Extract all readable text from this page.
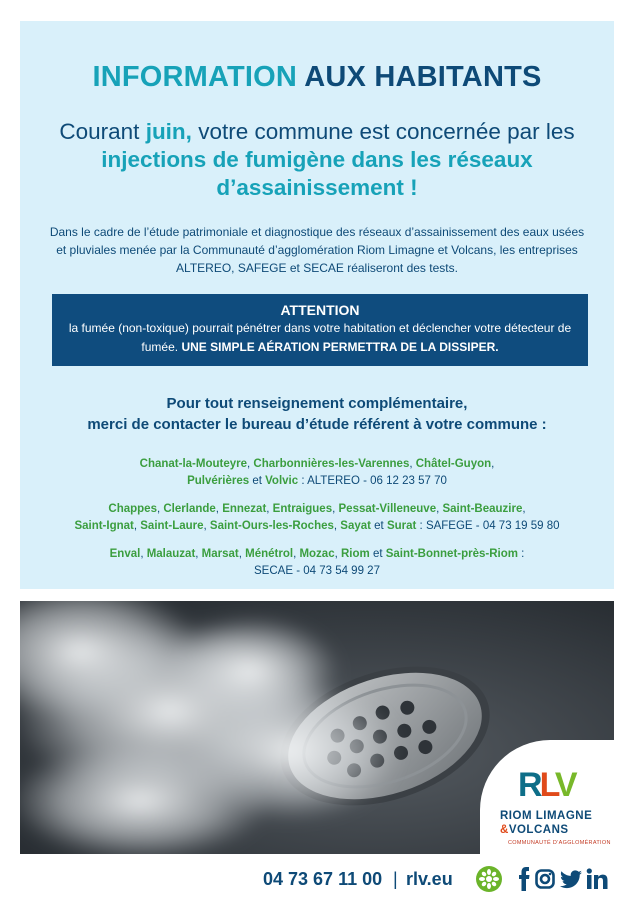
INFORMATION AUX HABITANTS
Courant juin, votre commune est concernée par les injections de fumigène dans les réseaux d’assainissement !
Dans le cadre de l’étude patrimoniale et diagnostique des réseaux d’assainissement des eaux usées et pluviales menée par la Communauté d’agglomération Riom Limagne et Volcans, les entreprises ALTEREO, SAFEGE et SECAE réaliseront des tests.
ATTENTION
la fumée (non-toxique) pourrait pénétrer dans votre habitation et déclencher votre détecteur de fumée. UNE SIMPLE AÉRATION PERMETTRA DE LA DISSIPER.
Pour tout renseignement complémentaire,
merci de contacter le bureau d’étude référent à votre commune :
Chanat-la-Mouteyre, Charbonnières-les-Varennes, Châtel-Guyon,
Pulvérières et Volvic : ALTEREO - 06 12 23 57 70
Chappes, Clerlande, Ennezat, Entraigues, Pessat-Villeneuve, Saint-Beauzire,
Saint-Ignat, Saint-Laure, Saint-Ours-les-Roches, Sayat et Surat : SAFEGE - 04 73 19 59 80
Enval, Malauzat, Marsat, Ménétrol, Mozac, Riom et Saint-Bonnet-près-Riom :
SECAE - 04 73 54 99 27
RLV
RIOM LIMAGNE
&VOLCANS
COMMUNAUTÉ D’AGGLOMÉRATION
04 73 67 11 00 | rlv.eu
